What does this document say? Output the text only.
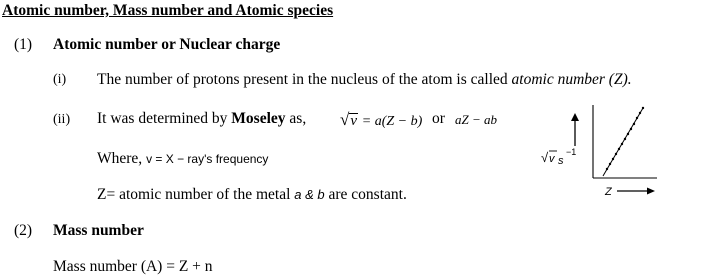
Atomic number, Mass number and Atomic species
(1) Atomic number or Nuclear charge
(i) The number of protons present in the nucleus of the atom is called atomic number (Z).
(ii) It was determined by Moseley as, √v = a(Z − b) or aZ − ab
Where, v = X − ray's frequency
Z= atomic number of the metal a & b are constant.
(2) Mass number
Mass number (A) = Z + n
√ v s
−1
Z
